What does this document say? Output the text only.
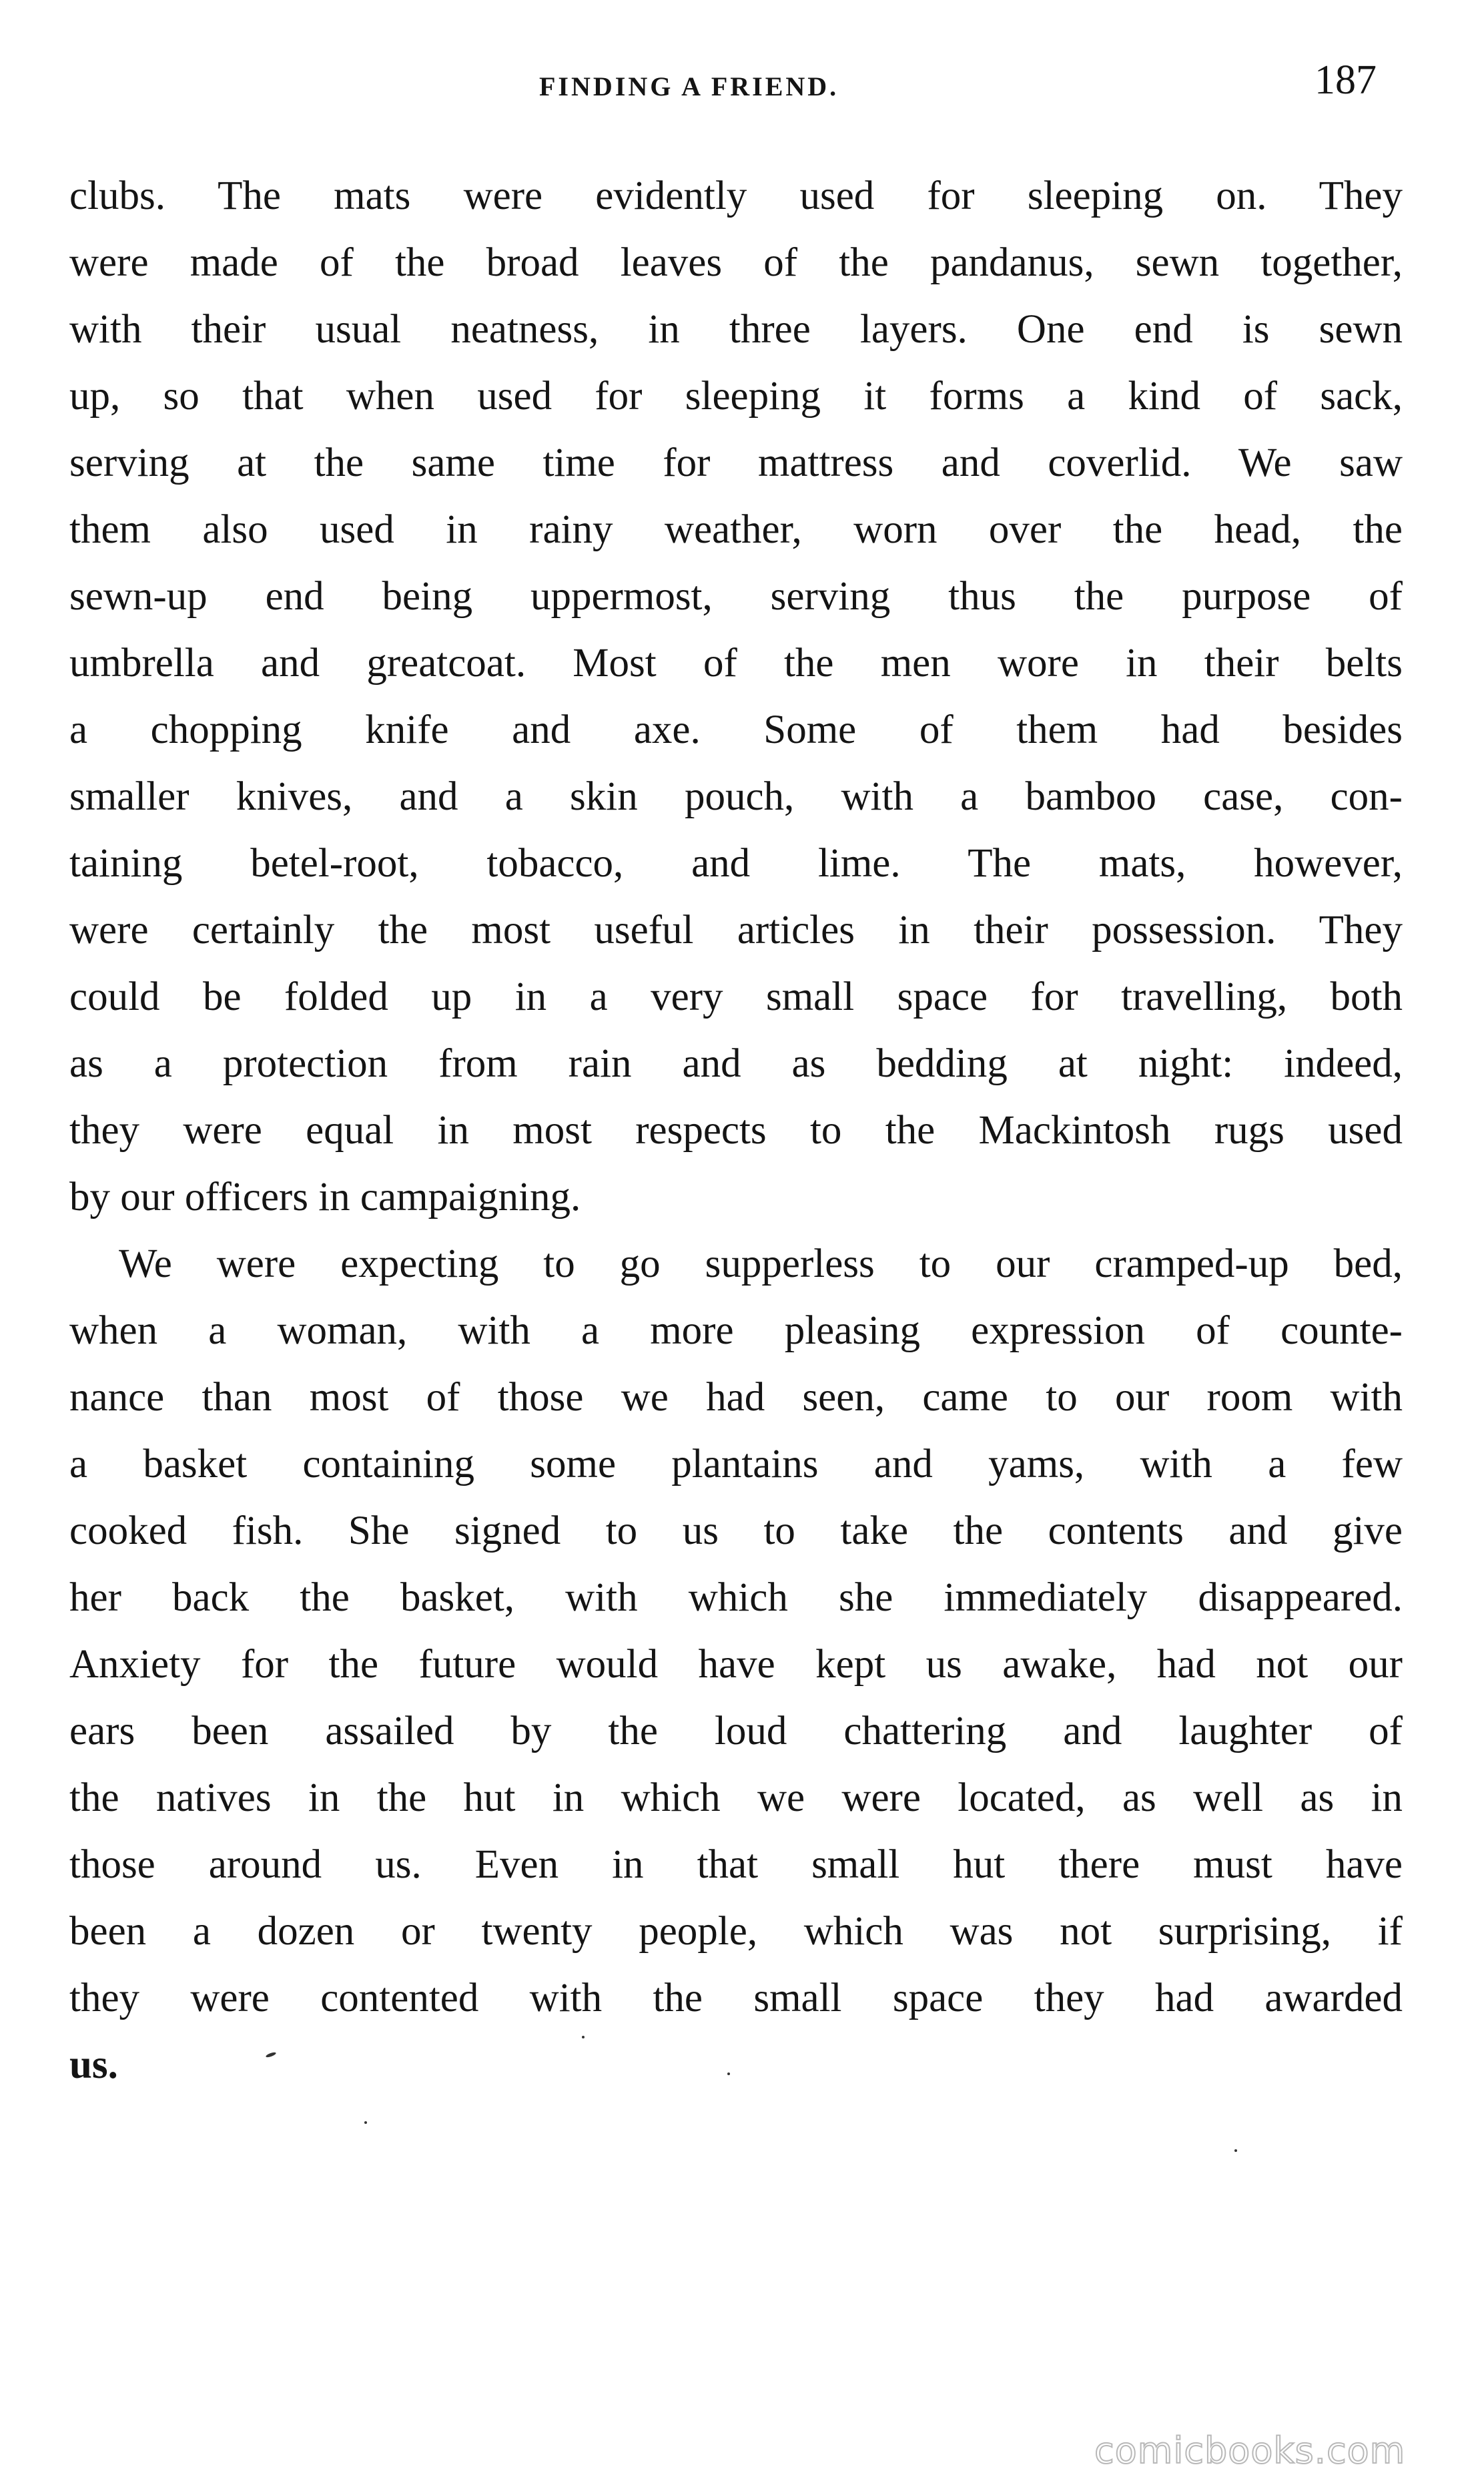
FINDING A FRIEND.	187
clubs. The mats were evidently used for sleeping on. They
were made of the broad leaves of the pandanus, sewn together,
with their usual neatness, in three layers. One end is sewn
up, so that when used for sleeping it forms a kind of sack,
serving at the same time for mattress and coverlid. We saw
them also used in rainy weather, worn over the head, the
sewn-up end being uppermost, serving thus the purpose of
umbrella and greatcoat. Most of the men wore in their belts
a chopping knife and axe. Some of them had besides
smaller knives, and a skin pouch, with a bamboo case, con-
taining betel-root, tobacco, and lime. The mats, however,
were certainly the most useful articles in their possession. They
could be folded up in a very small space for travelling, both
as a protection from rain and as bedding at night: indeed,
they were equal in most respects to the Mackintosh rugs used
by our officers in campaigning.
We were expecting to go supperless to our cramped-up bed,
when a woman, with a more pleasing expression of counte-
nance than most of those we had seen, came to our room with
a basket containing some plantains and yams, with a few
cooked fish. She signed to us to take the contents and give
her back the basket, with which she immediately disappeared.
Anxiety for the future would have kept us awake, had not our
ears been assailed by the loud chattering and laughter of
the natives in the hut in which we were located, as well as in
those around us. Even in that small hut there must have
been a dozen or twenty people, which was not surprising, if
they were contented with the small space they had awarded
us.
comicbooks.com
